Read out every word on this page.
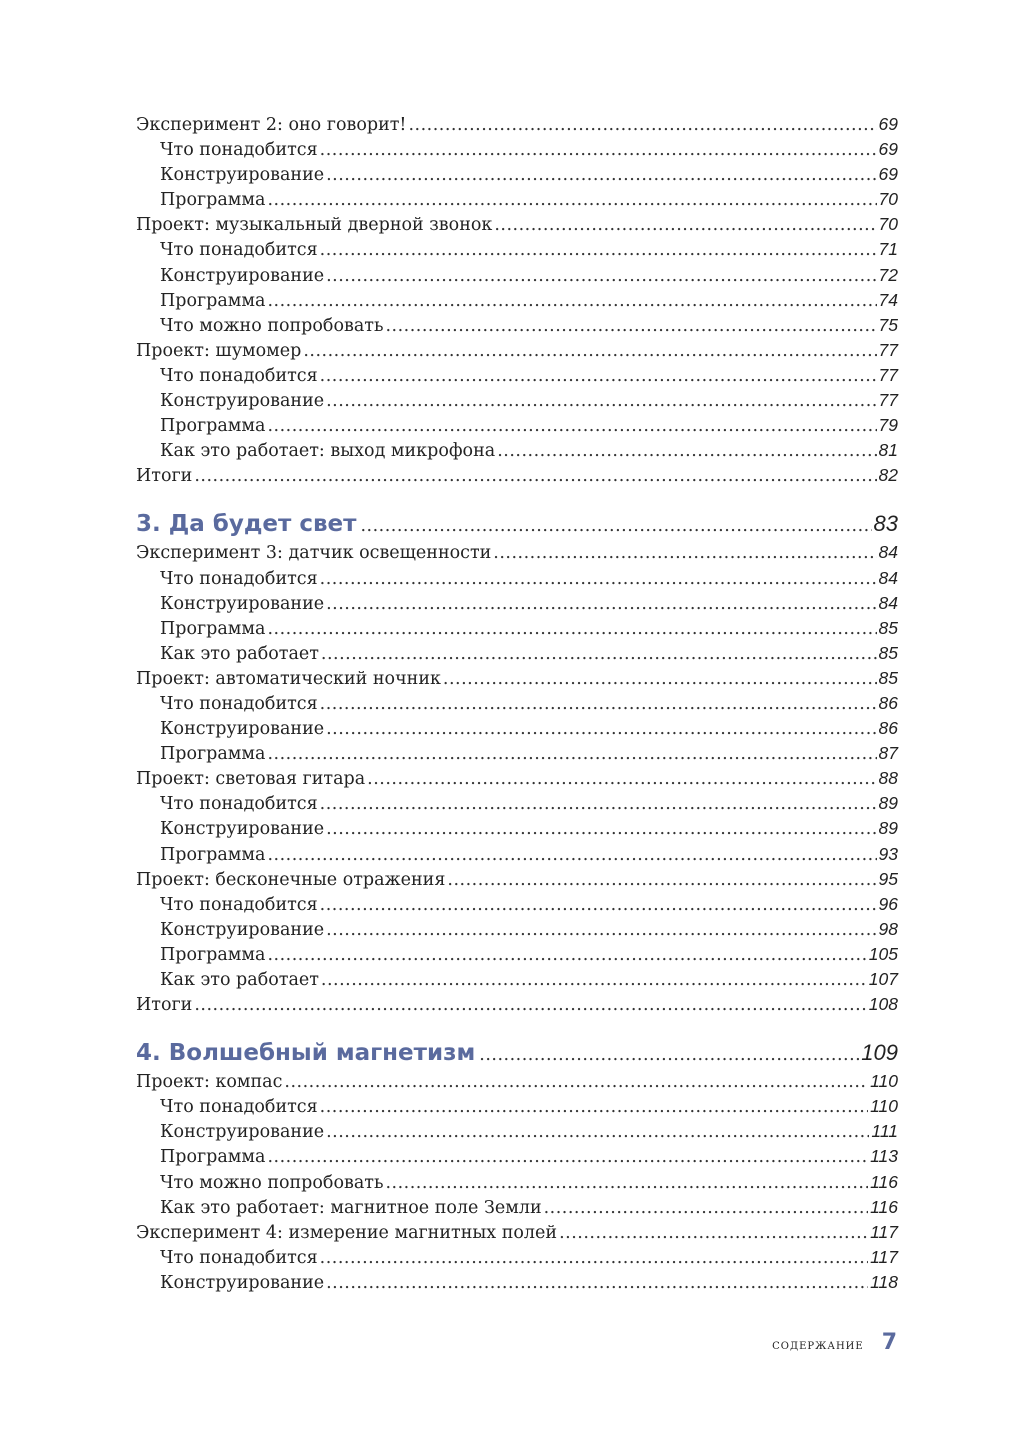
Эксперимент 2: оно говорит! .....	69
Что понадобится .....	69
Конструирование .....	69
Программа .....	70
Проект: музыкальный дверной звонок .....	70
Что понадобится .....	71
Конструирование .....	72
Программа .....	74
Что можно попробовать .....	75
Проект: шумомер .....	77
Что понадобится .....	77
Конструирование .....	77
Программа .....	79
Как это работает: выход микрофона .....	81
Итоги .....	82
3. Да будет свет .....	83
Эксперимент 3: датчик освещенности .....	84
Что понадобится .....	84
Конструирование .....	84
Программа .....	85
Как это работает .....	85
Проект: автоматический ночник .....	85
Что понадобится .....	86
Конструирование .....	86
Программа .....	87
Проект: световая гитара .....	88
Что понадобится .....	89
Конструирование .....	89
Программа .....	93
Проект: бесконечные отражения .....	95
Что понадобится .....	96
Конструирование .....	98
Программа .....	105
Как это работает .....	107
Итоги .....	108
4. Волшебный магнетизм .....	109
Проект: компас .....	110
Что понадобится .....	110
Конструирование .....	111
Программа .....	113
Что можно попробовать .....	116
Как это работает: магнитное поле Земли .....	116
Эксперимент 4: измерение магнитных полей .....	117
Что понадобится .....	117
Конструирование .....	118
содержание 7
